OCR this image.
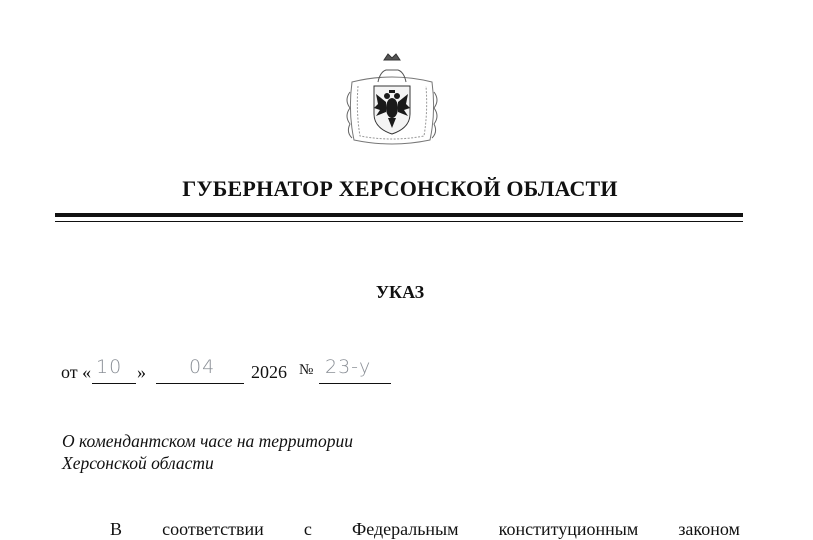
ГУБЕРНАТОР ХЕРСОНСКОЙ ОБЛАСТИ
УКАЗ
от « 10 » 04 2026 № 23-у
О комендантском часе на территории
Херсонской области
В соответствии с Федеральным конституционным законом
